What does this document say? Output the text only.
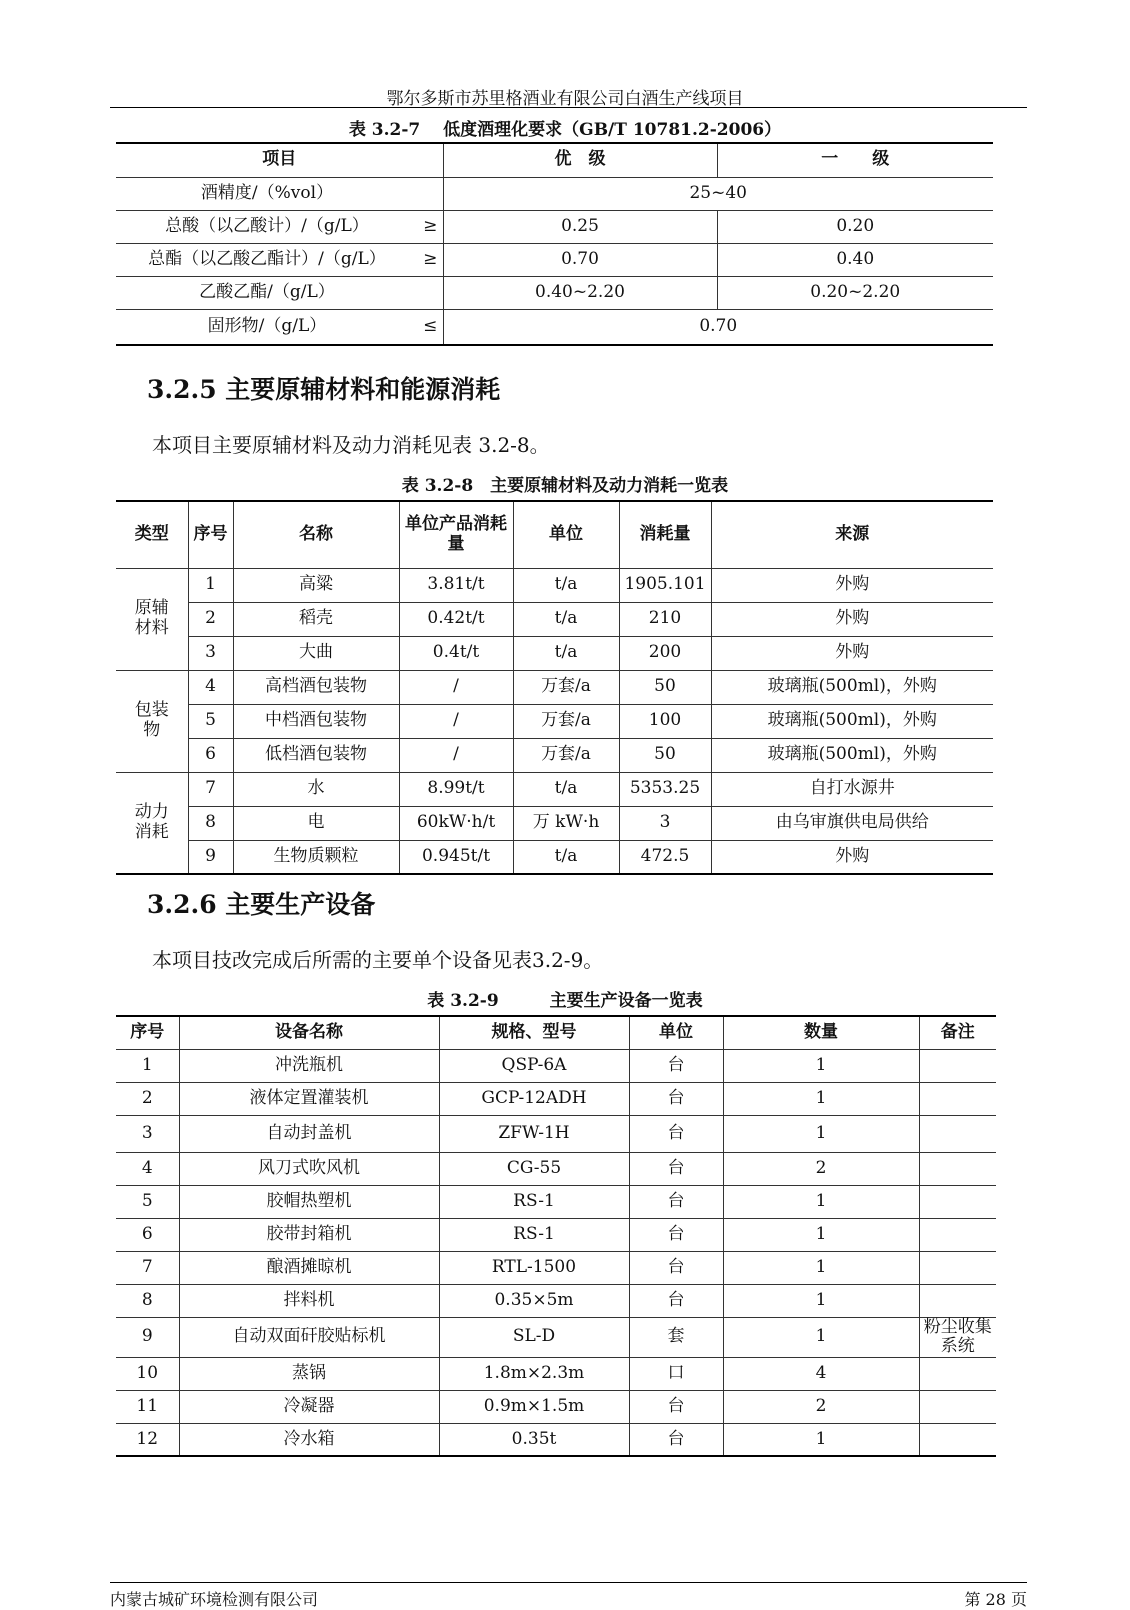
鄂尔多斯市苏里格酒业有限公司白酒生产线项目
表 3.2-7　 低度酒理化要求（GB/T 10781.2-2006）
项目		优　级	一　　级
酒精度/（%vol）		25~40	
总酸（以乙酸计）/（g/L）	≥	0.25	0.20
总酯（以乙酸乙酯计）/（g/L）	≥	0.70	0.40
乙酸乙酯/（g/L）		0.40~2.20	0.20~2.20
固形物/（g/L）	≤	0.70	
3.2.5 主要原辅材料和能源消耗
本项目主要原辅材料及动力消耗见表 3.2-8。
表 3.2-8　主要原辅材料及动力消耗一览表
类型	序号	名称	单位产品消耗量	单位	消耗量	来源
原辅材料	1	高粱	3.81t/t	t/a	1905.101	外购
	2	稻壳	0.42t/t	t/a	210	外购
	3	大曲	0.4t/t	t/a	200	外购
包装物	4	高档酒包装物	/	万套/a	50	玻璃瓶(500ml)，外购
	5	中档酒包装物	/	万套/a	100	玻璃瓶(500ml)，外购
	6	低档酒包装物	/	万套/a	50	玻璃瓶(500ml)，外购
动力消耗	7	水	8.99t/t	t/a	5353.25	自打水源井
	8	电	60kW·h/t	万 kW·h	3	由乌审旗供电局供给
	9	生物质颗粒	0.945t/t	t/a	472.5	外购
3.2.6 主要生产设备
本项目技改完成后所需的主要单个设备见表3.2-9。
表 3.2-9　　　主要生产设备一览表
序号	设备名称	规格、型号	单位	数量	备注
1	冲洗瓶机	QSP-6A	台	1	
2	液体定置灌装机	GCP-12ADH	台	1	
3	自动封盖机	ZFW-1H	台	1	
4	风刀式吹风机	CG-55	台	2	
5	胶帽热塑机	RS-1	台	1	
6	胶带封箱机	RS-1	台	1	
7	酿酒摊晾机	RTL-1500	台	1	
8	拌料机	0.35×5m	台	1	
9	自动双面矸胶贴标机	SL-D	套	1	粉尘收集系统
10	蒸锅	1.8m×2.3m	口	4	
11	冷凝器	0.9m×1.5m	台	2	
12	冷水箱	0.35t	台	1	
内蒙古城矿环境检测有限公司	第 28 页
